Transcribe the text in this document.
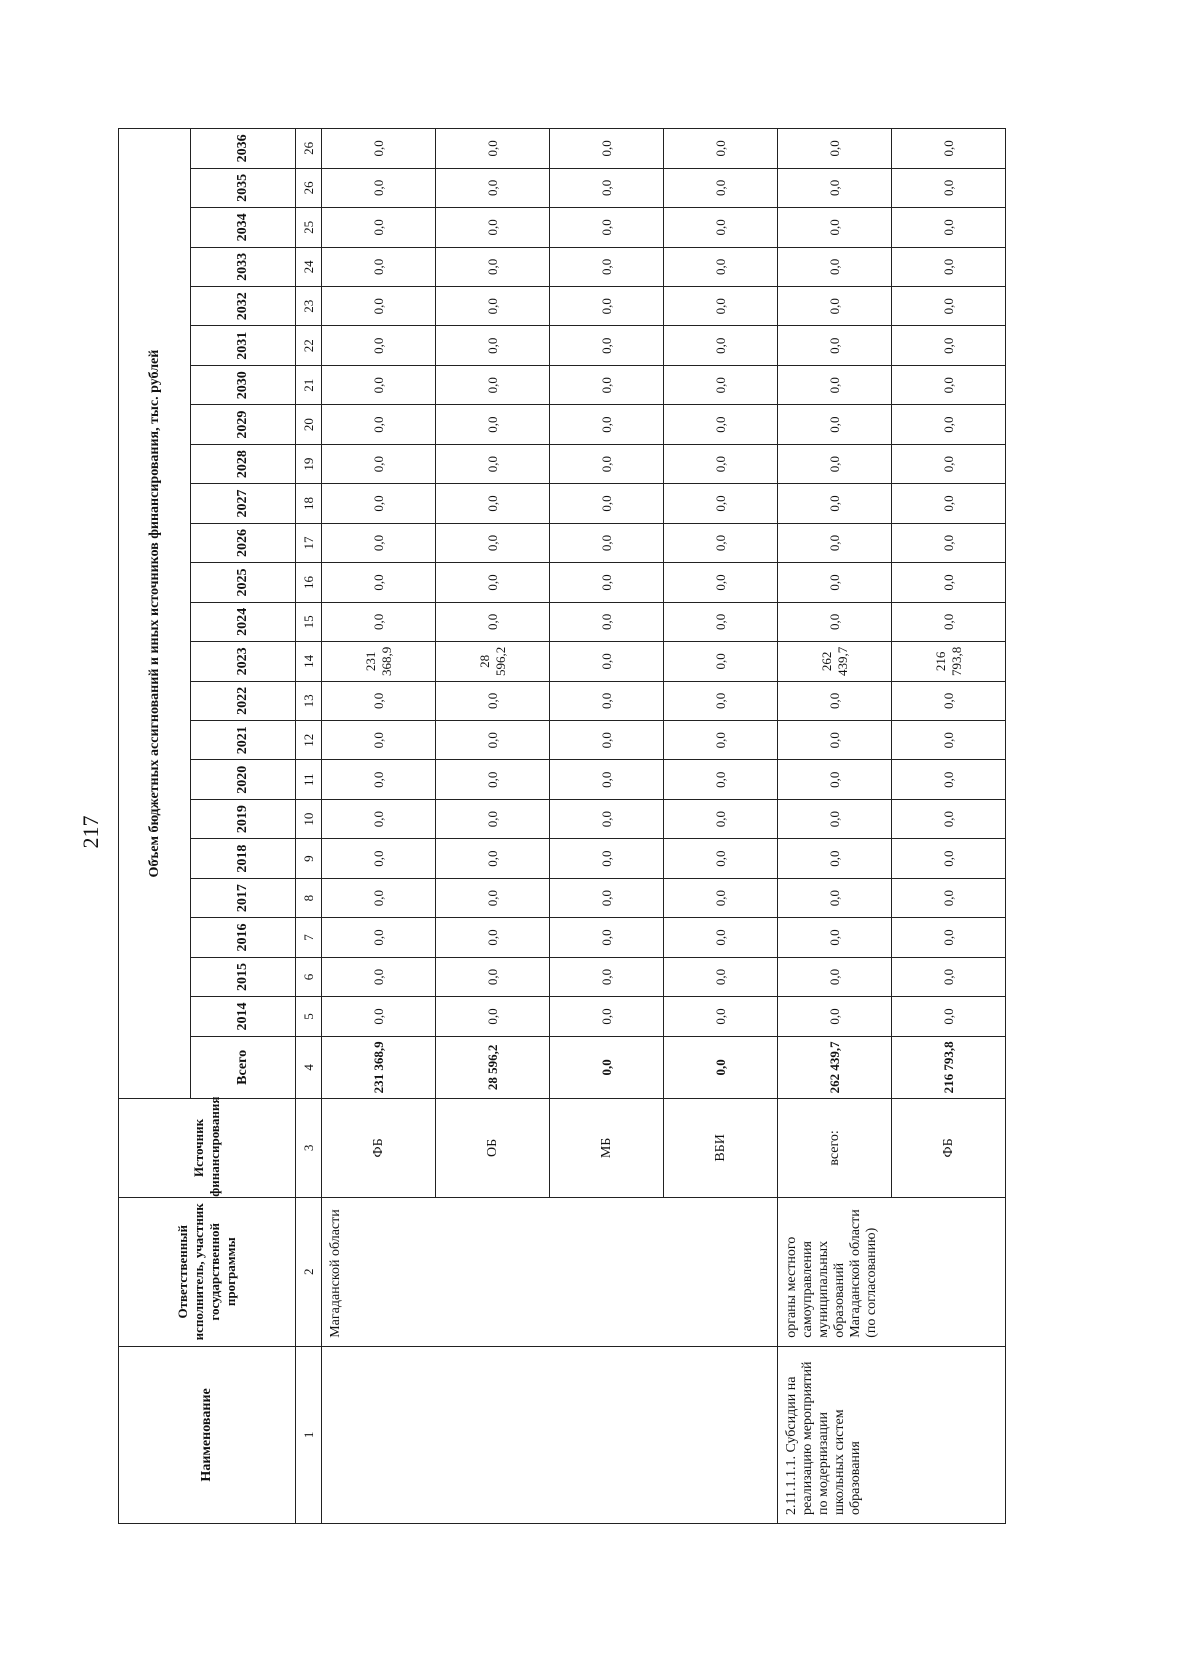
217
Наименование	Ответственный исполнитель, участник государственной программы	Источник финансирования	Объем бюджетных ассигнований и иных источников финансирования, тыс. рублей																							
			Всего	2014	2015	2016	2017	2018	2019	2020	2021	2022	2023	2024	2025	2026	2027	2028	2029	2030	2031	2032	2033	2034	2035	2036
1	2	3	4	5	6	7	8	9	10	11	12	13	14	15	16	17	18	19	20	21	22	23	24	25	26	26
	Магаданской области	ФБ	231 368,9	0,0	0,0	0,0	0,0	0,0	0,0	0,0	0,0	0,0	231 368,9	0,0	0,0	0,0	0,0	0,0	0,0	0,0	0,0	0,0	0,0	0,0	0,0	0,0
		ОБ	28 596,2	0,0	0,0	0,0	0,0	0,0	0,0	0,0	0,0	0,0	28 596,2	0,0	0,0	0,0	0,0	0,0	0,0	0,0	0,0	0,0	0,0	0,0	0,0	0,0
		МБ	0,0	0,0	0,0	0,0	0,0	0,0	0,0	0,0	0,0	0,0	0,0	0,0	0,0	0,0	0,0	0,0	0,0	0,0	0,0	0,0	0,0	0,0	0,0	0,0
		ВБИ	0,0	0,0	0,0	0,0	0,0	0,0	0,0	0,0	0,0	0,0	0,0	0,0	0,0	0,0	0,0	0,0	0,0	0,0	0,0	0,0	0,0	0,0	0,0	0,0
2.11.1.1.1. Субсидии на реализацию мероприятий по модернизации школьных систем образования	органы местного самоуправления муниципальных образований Магаданской области (по согласованию)	всего:	262 439,7	0,0	0,0	0,0	0,0	0,0	0,0	0,0	0,0	0,0	262 439,7	0,0	0,0	0,0	0,0	0,0	0,0	0,0	0,0	0,0	0,0	0,0	0,0	0,0
		ФБ	216 793,8	0,0	0,0	0,0	0,0	0,0	0,0	0,0	0,0	0,0	216 793,8	0,0	0,0	0,0	0,0	0,0	0,0	0,0	0,0	0,0	0,0	0,0	0,0	0,0
